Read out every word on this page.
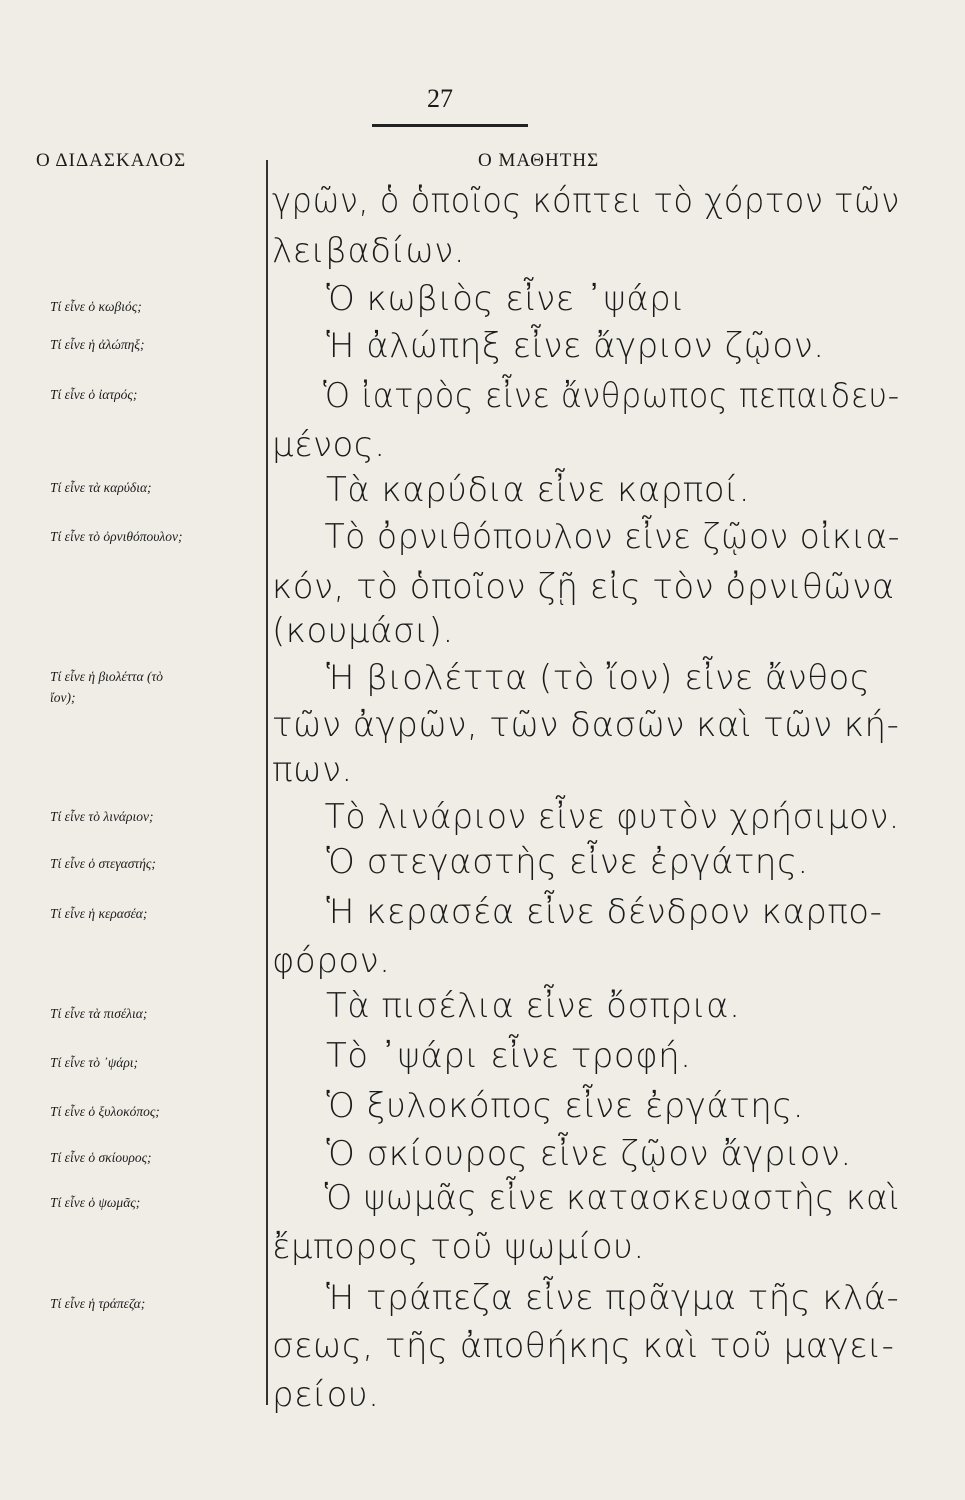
27
Ο ΔΙΔΑΣΚΑΛΟΣ	Ο ΜΑΘΗΤΗΣ
Τί εἶνε ὁ κωβιός;
Τί εἶνε ἡ ἀλώπηξ;
Τί εἶνε ὁ ἰατρός;
Τί εἶνε τὰ καρύδια;
Τί εἶνε τὸ ὀρνιθόπουλον;
Τί εἶνε ἡ βιολέττα (τὸ
ἴον);
Τί εἶνε τὸ λινάριον;
Τί εἶνε ὁ στεγαστής;
Τί εἶνε ἡ κερασέα;
Τί εἶνε τὰ πισέλια;
Τί εἶνε τὸ ᾿ψάρι;
Τί εἶνε ὁ ξυλοκόπος;
Τί εἶνε ὁ σκίουρος;
Τί εἶνε ὁ ψωμᾶς;
Τί εἶνε ἡ τράπεζα;
γρῶν, ὁ ὁποῖος κόπτει τὸ χόρτον τῶν
λειβαδίων.
Ὁ κωβιὸς εἶνε ᾿ψάρι
Ἡ ἀλώπηξ εἶνε ἄγριον ζῷον.
Ὁ ἰατρὸς εἶνε ἄνθρωπος πεπαιδευ-
μένος.
Τὰ καρύδια εἶνε καρποί.
Τὸ ὀρνιθόπουλον εἶνε ζῷον οἰκια-
κόν, τὸ ὁποῖον ζῇ εἰς τὸν ὀρνιθῶνα
(κουμάσι).
Ἡ βιολέττα (τὸ ἴον) εἶνε ἄνθος
τῶν ἀγρῶν, τῶν δασῶν καὶ τῶν κή-
πων.
Τὸ λινάριον εἶνε φυτὸν χρήσιμον.
Ὁ στεγαστὴς εἶνε ἐργάτης.
Ἡ κερασέα εἶνε δένδρον καρπο-
φόρον.
Τὰ πισέλια εἶνε ὄσπρια.
Τὸ ᾿ψάρι εἶνε τροφή.
Ὁ ξυλοκόπος εἶνε ἐργάτης.
Ὁ σκίουρος εἶνε ζῷον ἄγριον.
Ὁ ψωμᾶς εἶνε κατασκευαστὴς καὶ
ἔμπορος τοῦ ψωμίου.
Ἡ τράπεζα εἶνε πρᾶγμα τῆς κλά-
σεως, τῆς ἀποθήκης καὶ τοῦ μαγει-
ρείου.
